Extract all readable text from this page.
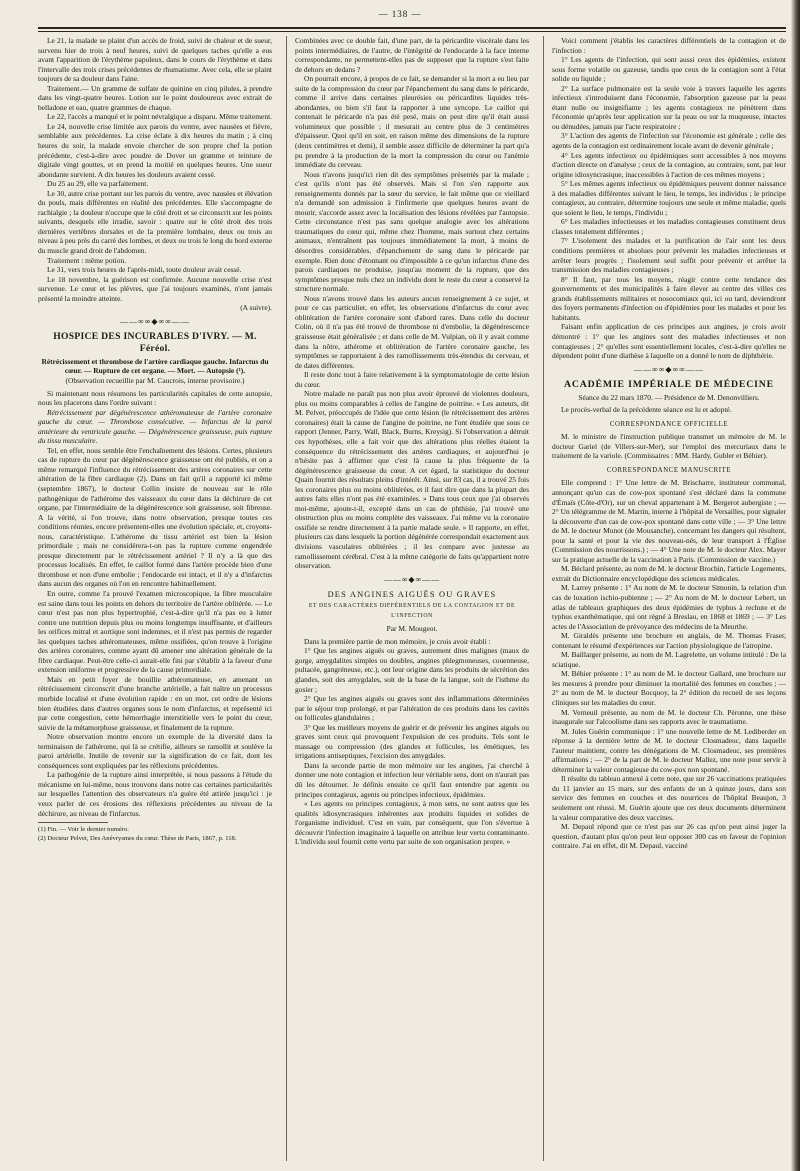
— 138 —

Le 21, la malade se plaint d'un accès de froid, suivi de chaleur et de sueur, survenu hier de trois à neuf heures, suivi de quelques taches qu'elle a eus avant l'apparition de l'érythème papuleux, dans le cours de l'érythème et dans l'intervalle des trois crises précédentes de rhumatisme. Avec cela, elle se plaint toujours de sa douleur dans l'aine.

Traitement.— Un gramme de sulfate de quinine en cinq pilules, à prendre dans les vingt-quatre heures. Lotion sur le point douloureux avec extrait de belladone et eau, quatre grammes de chaque.

Le 22, l'accès a manqué et le point névralgique a disparu. Même traitement.

Le 24, nouvelle crise limitée aux parois du ventre, avec nausées et fièvre, semblable aux précédentes. La crise éclate à dix heures du matin ; à cinq heures du soir, la malade envoie chercher de son propre chef la potion précédente, c'est-à-dire avec poudre de Dover un gramme et teinture de digitale vingt gouttes, et en prend la moitié en quelques heures. Une sueur abondante survient. A dix heures les douleurs avaient cessé.

Du 25 au 29, elle va parfaitement.

Le 30, autre crise portant sur les parois du ventre, avec nausées et élévation du pouls, mais différentes en réalité des précédentes. Elle s'accompagne de rachialgie ; la douleur n'occupe que le côté droit et se circonscrit sur les points suivants, desquels elle irradie, savoir : quatre sur le côté droit des trois dernières vertèbres dorsales et de la première lombaire, deux ou trois au niveau à peu près du carré des lombes, et deux ou trois le long du bord externe du muscle grand droit de l'abdomen.

Traitement : même potion.

Le 31, vers trois heures de l'après-midi, toute douleur avait cessé.

Le 18 novembre, la guérison est confirmée. Aucune nouvelle crise n'est survenue. Le cœur et les plèvres, que j'ai toujours examinés, n'ont jamais présenté la moindre atteinte.

(A suivre).

——∞∞◆∞∞——
HOSPICE DES INCURABLES D'IVRY. — M. Féréol.

Rétrécissement et thrombose de l'artère cardiaque gauche. Infarctus du cœur. — Rupture de cet organe. — Mort. — Autopsie (¹).

(Observation recueillie par M. Caucrois, interne provisoire.)

Si maintenant nous résumons les particularités capitales de cette autopsie, nous les placerons dans l'ordre suivant :

Rétrécissement par dégénérescence athéromateuse de l'artère coronaire gauche du cœur. — Thrombose consécutive. — Infarctus de la paroi antérieure du ventricule gauche. — Dégénérescence graisseuse, puis rupture du tissu musculaire.

Tel, en effet, nous semble être l'enchaînement des lésions. Certes, plusieurs cas de rupture du cœur par dégénérescence graisseuse ont été publiés, et on a même remarqué l'influence du rétrécissement des artères coronaires sur cette altération de la fibre cardiaque (2). Dans un fait qu'il a rapporté ici même (septembre 1867), le docteur Collin insiste de nouveau sur le rôle pathogénique de l'athérome des vaisseaux du cœur dans la déchirure de cet organe, par l'intermédiaire de la dégénérescence soit graisseuse, soit fibreuse. A la vérité, si l'on trouve, dans notre observation, presque toutes ces conditions réunies, encore présentent-elles une évolution spéciale, et, croyons-nous, caractéristique. L'athérome du tissu artériel est bien la lésion primordiale ; mais ne considérera-t-on pas la rupture comme engendrée presque directement par le rétrécissement artériel ? Il n'y a là que des processus localisés. En effet, le caillot formé dans l'artère procède bien d'une thrombose et non d'une embolie ; l'endocarde est intact, et il n'y a d'infarctus dans aucun des organes où l'on en rencontre habituellement.

En outre, comme l'a prouvé l'examen microscopique, la fibre musculaire est saine dans tous les points en dehors du territoire de l'artère oblitérée. — Le cœur n'est pas non plus hypertrophié, c'est-à-dire qu'il n'a pas eu à lutter contre une nutrition depuis plus ou moins longtemps insuffisante, et d'ailleurs les orifices mitral et aortique sont indemnes, et il n'est pas permis de regarder les quelques taches athéromateuses, même ossifiées, qu'on trouve à l'origine des artères coronaires, comme ayant dû amener une altération générale de la fibre cardiaque. Peut-être celle-ci aurait-elle fini par s'établir à la faveur d'une extension uniforme et progressive de la cause primordiale.

Mais en petit foyer de bouillie athéromateuse, en amenant un rétrécissement circonscrit d'une branche artérielle, a fait naître un processus morbide localisé et d'une évolution rapide : en un mot, cet ordre de lésions bien étudiées dans d'autres organes sous le nom d'infarctus, et représenté ici par cette congestion, cette hémorrhagie interstitielle vers le point du cœur, suivie de la métamorphose graisseuse, et finalement de la rupture.

Notre observation montre encore un exemple de la diversité dans la terminaison de l'athérome, qui là se crétifie, ailleurs se ramollit et soulève la paroi artérielle. Inutile de revenir sur la signification de ce fait, dont les conséquences sont expliquées par les réflexions précédentes.

La pathogénie de la rupture ainsi interprétée, si nous passons à l'étude du mécanisme en lui-même, nous trouvons dans notre cas certaines particularités sur lesquelles l'attention des observateurs n'a guère été attirée jusqu'ici : je veux parler de ces érosions des réflexions précédentes au niveau de la déchirure, au niveau de l'infarctus.

(1) Fin. — Voir le dernier numéro.

(2) Docteur Pelvet, Des Anévrysmes du cœur. Thèse de Paris, 1867, p. 118.

Combinées avec ce double fait, d'une part, de la péricardite viscérale dans les points intermédiaires, de l'autre, de l'intégrité de l'endocarde à la face interne correspondante, ne permettent-elles pas de supposer que la rupture s'est faite de dehors en dedans ?

On pourrait encore, à propos de ce fait, se demander si la mort a eu lieu par suite de la compression du cœur par l'épanchement du sang dans le péricarde, comme il arrive dans certaines pleurésies ou péricardites liquides très-abondantes, ou bien s'il faut la rapporter à une syncope. Le caillot qui contenait le péricarde n'a pas été pesé, mais on peut dire qu'il était aussi volumineux que possible ; il mesurait au centre plus de 3 centimètres d'épaisseur. Quoi qu'il en soit, en raison même des dimensions de la rupture (deux centimètres et demi), il semble assez difficile de déterminer la part qu'a pu prendre à la production de la mort la compression du cœur ou l'anémie immédiate du cerveau.

Nous n'avons jusqu'ici rien dit des symptômes présentés par la malade ; c'est qu'ils n'ont pas été observés. Mais si l'on s'en rapporte aux renseignements donnés par la sœur du service, le fait même que ce vieillard n'a demandé son admission à l'infirmerie que quelques heures avant de mourir, s'accorde assez avec la localisation des lésions révélées par l'autopsie. Cette circonstance n'est pas sans quelque analogie avec les altérations traumatiques du cœur qui, même chez l'homme, mais surtout chez certains animaux, n'entraînent pas toujours immédiatement la mort, à moins de désordres considérables, d'épanchement de sang dans le péricarde par exemple. Rien donc d'étonnant ou d'impossible à ce qu'un infarctus d'une des parois cardiaques ne produise, jusqu'au moment de la rupture, que des symptômes presque nuls chez un individu dont le reste du cœur a conservé la structure normale.

Nous n'avons trouvé dans les auteurs aucun renseignement à ce sujet, et pour ce cas particulier, en effet, les observations d'infarctus du cœur avec oblitération de l'artère coronaire sont d'abord rares. Dans celle du docteur Colin, où il n'a pas été trouvé de thrombose ni d'embolie, la dégénérescence graisseuse était généralisée ; et dans celle de M. Vulpian, où il y avait comme dans la nôtre, athérome et oblitération de l'artère coronaire gauche, les symptômes se rapportaient à des ramollissements très-étendus du cerveau, et de dates différentes.

Il reste donc tout à faire relativement à la symptomatologie de cette lésion du cœur.

Notre malade ne paraît pas non plus avoir éprouvé de violentes douleurs, plus ou moins comparables à celles de l'angine de poitrine. « Les auteurs, dit M. Pelvet, préoccupés de l'idée que cette lésion (le rétrécissement des artères coronaires) était la cause de l'angine de poitrine, ne l'ont étudiée que sous ce rapport (Jenner, Parry, Wall, Black, Burns, Kreysig). Si l'observation a détruit ces hypothèses, elle a fait voir que des altérations plus réelles étaient la conséquence du rétrécissement des artères cardiaques, et aujourd'hui je n'hésite pas à affirmer que c'est là cause la plus fréquente de la dégénérescence graisseuse du cœur. A cet égard, la statistique du docteur Quain fournit des résultats pleins d'intérêt. Ainsi, sur 83 cas, il a trouvé 25 fois les coronaires plus ou moins oblitérées, et il faut dire que dans la plupart des autres faits elles n'ont pas été examinées. » Dans tous ceux que j'ai observés moi-même, ajoute-t-il, excepté dans un cas de phthisie, j'ai trouvé une obstruction plus ou moins complète des vaisseaux. J'ai même vu la coronaire ossifiée se rendre directement à la partie malade seule. » Il rapporte, en effet, plusieurs cas dans lesquels la portion dégénérée correspondait exactement aux divisions vasculaires oblitérées ; il les compare avec justesse au ramollissement cérébral. C'est à la même catégorie de faits qu'appartient notre observation.

——∞◆∞——
DES ANGINES AIGUËS OU GRAVES
ET DES CARACTÈRES DIFFÉRENTIELS DE LA CONTAGION ET DE L'INFECTION

Par M. Mougeot.

Dans la première partie de mon mémoire, je crois avoir établi :

1° Que les angines aiguës ou graves, autrement dites malignes (maux de gorge, amygdalites simples ou doubles, angines phlegmoneuses, couenneuse, pultacée, gangréneuse, etc.), ont leur origine dans les produits de sécrétion des glandes, soit des amygdales, soit de la base de la langue, soit de l'isthme du gosier ;

2° Que les angines aiguës ou graves sont des inflammations déterminées par le séjour trop prolongé, et par l'altération de ces produits dans les cavités ou follicules glandulaires ;

3° Que les meilleurs moyens de guérir et de prévenir les angines aiguës ou graves sont ceux qui provoquent l'expulsion de ces produits. Tels sont le massage ou compression (des glandes et follicules, les émétiques, les irrigations antiseptiques, l'excision des amygdales.

Dans la seconde partie de mon mémoire sur les angines, j'ai cherché à donner une note contagion et infection leur véritable sens, dont on n'aurait pas dû les détourner. Je définis ensuite ce qu'il faut entendre par agents ou principes contagieux, agents ou principes infectieux, épidémies.

« Les agents ou principes contagieux, à mon sens, ne sont autres que les qualités idiosyncrasiques inhérentes aux produits liquides et solides de l'organisme individuel. C'est en vain, par conséquent, que l'on s'évertue à découvrir l'infection imaginaire à laquelle on attribue leur vertu contaminante. L'individu seul fournit cette vertu par suite de son organisation propre. »

Voici comment j'établis les caractères différentiels de la contagion et de l'infection :

1° Les agents de l'infection, qui sont aussi ceux des épidémies, existent sous forme volatile ou gazeuse, tandis que ceux de la contagion sont à l'état solide ou liquide ;

2° La surface pulmonaire est la seule voie à travers laquelle les agents infectieux s'introduisent dans l'économie, l'absorption gazeuse par la peau étant nulle ou insignifiante ; les agents contagieux ne pénètrent dans l'économie qu'après leur application sur la peau ou sur la muqueuse, intactes ou dénudées, jamais par l'acte respiratoire ;

3° L'action des agents de l'infection sur l'économie est générale ; celle des agents de la contagion est ordinairement locale avant de devenir générale ;

4° Les agents infectieux ou épidémiques sont accessibles à nos moyens d'action directe on d'analyse ; ceux de la contagion, au contraire, sont, par leur origine idiosyncrasique, inaccessibles à l'action de ces mêmes moyens ;

5° Les mêmes agents infectieux ou épidémiques peuvent donner naissance à des maladies différentes suivant le lieu, le temps, les individus ; le principe contagieux, au contraire, détermine toujours une seule et même maladie, quels que soient le lieu, le temps, l'individu ;

6° Les maladies infectieuses et les maladies contagieuses constituent deux classes totalement différentes ;

7° L'isolement des malades et la purification de l'air sont les deux conditions premières et absolues pour prévenir les maladies infectieuses et arrêter leurs progrès ; l'isolement seul suffit pour prévenir et arrêter la transmission des maladies contagieuses ;

8° Il faut, par tous les moyens, réagir contre cette tendance des gouvernements et des municipalités à faire élever au centre des villes ces grands établissements militaires et nosocomiaux qui, ici ou tard, deviendront des foyers permanents d'infection ou d'épidémies pour les malades et pour les habitants.

Faisant enfin application de ces principes aux angines, je crois avoir démontré : 1° que les angines sont des maladies infectieuses et non contagieuses ; 2° qu'elles sont essentiellement locales, c'est-à-dire qu'elles ne dépendent point d'une diathèse à laquelle on a donné le nom de diphthérie.

——∞∞◆∞∞——
ACADÉMIE IMPÉRIALE DE MÉDECINE

Séance du 22 mars 1870. — Présidence de M. Denonvilliers.

Le procès-verbal de la précédente séance est lu et adopté.

CORRESPONDANCE OFFICIELLE

M. le ministre de l'instruction publique transmet un mémoire de M. le docteur Gariel (de Villers-sur-Mer), sur l'emploi des mercuriaux dans le traitement de la variole. (Commissaires : MM. Hardy, Gubler et Béhier).

CORRESPONDANCE MANUSCRITE

Elle comprend : 1° Une lettre de M. Brischarre, instituteur communal, annonçant qu'un cas de cow-pox spontané s'est déclaré dans la commune d'Émaïs (Côte-d'Or), sur un cheval appartenant à M. Bergerot aubergiste ; — 2° Un télégramme de M. Martin, interne à l'hôpital de Versailles, pour signaler la découverte d'un cas de cow-pox spontané dans cette ville ; — 3° Une lettre de M. le docteur Munot (de Mousanche), concernant les dangers qui résultent, pour la santé et pour la vie des nouveau-nés, de leur transport à l'Église (Commission des nourrissons.) ; — 4° Une note de M. le docteur Alex. Mayer sur la pratique actuelle de la vaccination à Paris. (Commission de vaccine.)

M. Béclard présente, au nom de M. le docteur Brochin, l'article Logements, extrait du Dictionnaire encyclopédique des sciences médicales.

M. Larrey présente : 1° Au nom de M. le docteur Simonin, la relation d'un cas de luxation ischio-pubienne ; — 2° Au nom de M. le docteur Lebert, un atlas de tableaux graphiques des deux épidémies de typhus à rechute et de typhus exanthématique, qui ont régné à Breslau, en 1868 et 1869 ; — 3° Les actes de l'Association de prévoyance des médecins de la Meurthe.

M. Giraldès présente une brochure en anglais, de M. Thomas Fraser, contenant le résumé d'expériences sur l'action physiologique de l'atropine.

M. Baillarger présente, au nom de M. Lagrelette, un volume intitulé : De la sciatique.

M. Béhier présente : 1° au nom de M. le docteur Gallard, une brochure sur les mesures à prendre pour diminuer la mortalité des femmes en couches ; — 2° au nom de M. le docteur Bocquoy, la 2° édition du recueil de ses leçons cliniques sur les maladies du cœur.

M. Verneuil présente, au nom de M. le docteur Ch. Péronne, une thèse inaugurale sur l'alcoolisme dans ses rapports avec le traumatisme.

M. Jules Guérin communique : 1° une nouvelle lettre de M. Lediberder en réponse à la dernière lettre de M. le docteur Closmadeuc, dans laquelle l'auteur maintient, contre les dénégations de M. Closmadeuc, ses premières affirmations ; — 2° de la part de M. le docteur Mallez, une note pour servir à déterminer la valeur contagieuse du cow-pox non spontané.

Il résulte du tableau annexé à cette note, que sur 26 vaccinations pratiquées du 11 janvier au 15 mars, sur des enfants de un à quinze jours, dans son service des femmes en couches et des nourrices de l'hôpital Beaujon, 3 seulement ont réussi. M. Guérin ajoute que ces deux documents déterminent la valeur comparative des deux vaccines.

M. Depaul répond que ce n'est pas sur 26 cas qu'on peut ainsi juger la question, d'autant plus qu'on peut leur opposer 300 cas en faveur de l'opinion contraire. J'ai en effet, dit M. Depaul, vacciné
